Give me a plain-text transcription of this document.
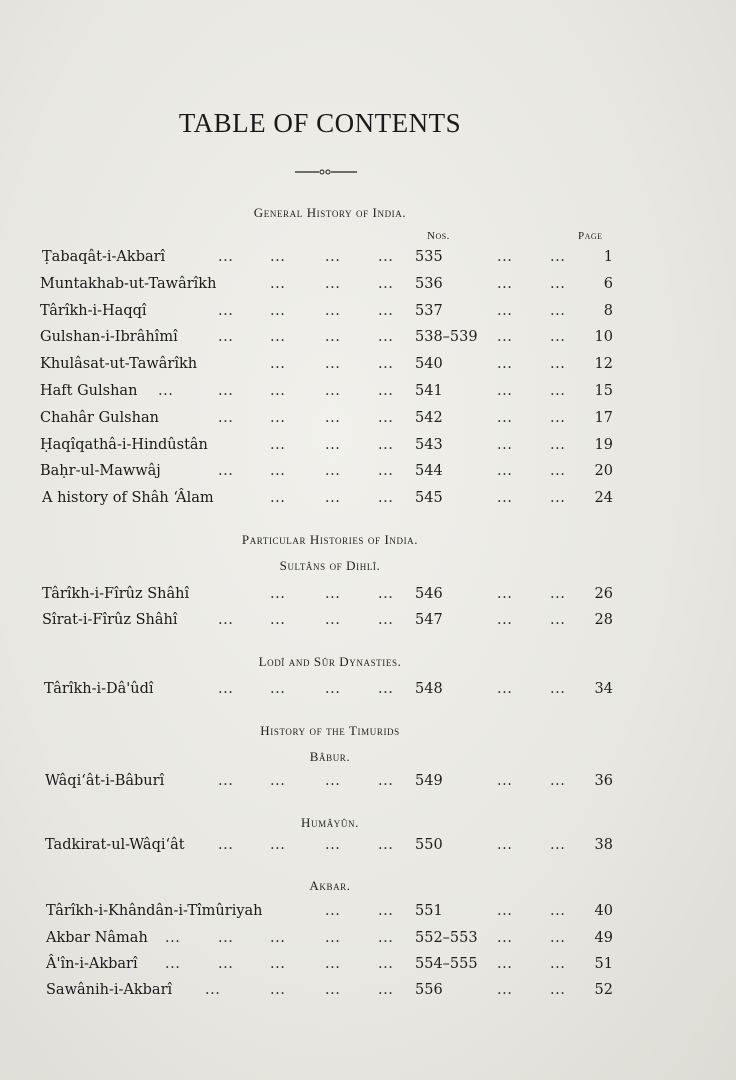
TABLE OF CONTENTS
General History of India.
Nos.	Page
Particular Histories of India.
Sultâns of Dihlî.
Lodî and Sûr Dynasties.
History of the Timurids
Bâbur.
Humâyûn.
Akbar.
Ṭabaqât-i-Akbarî	...	...	...	... 535	...	...	1
Muntakhab-ut-Tawârîkh	...	...	... 536	...	...	6
Târîkh-i-Haqqî	...	...	...	... 537	...	...	8
Gulshan-i-Ibrâhîmî	...	...	...	... 538–539 ...	... 10
Khulâsat-ut-Tawârîkh	...	...	... 540	...	... 12
Haft Gulshan ...	...	...	...	... 541	...	... 15
Chahâr Gulshan	...	...	...	... 542	...	... 17
Ḥaqîqathâ-i-Hindûstân	...	...	... 543	...	... 19
Baḥr-ul-Mawwâj	...	...	...	... 544	...	... 20
A history of Shâh ʻÂlam	...	...	... 545	...	... 24
Târîkh-i-Fîrûz Shâhî	...	...	... 546	...	... 26
Sîrat-i-Fîrûz Shâhî	...	...	...	... 547	...	... 28
Târîkh-i-Dâ'ûdî	...	...	...	... 548	...	... 34
Wâqiʻât-i-Bâburî	...	...	...	... 549	...	... 36
Tadkirat-ul-Wâqiʻât ...	...	...	... 550	...	... 38
Târîkh-i-Khândân-i-Tîmûriyah	...	... 551	...	... 40
Akbar Nâmah ...	...	...	...	... 552–553 ...	... 49
Â'în-i-Akbarî ...	...	...	...	... 554–555 ...	... 51
Sawânih-i-Akbarî ...	...	...	... 556	...	... 52
